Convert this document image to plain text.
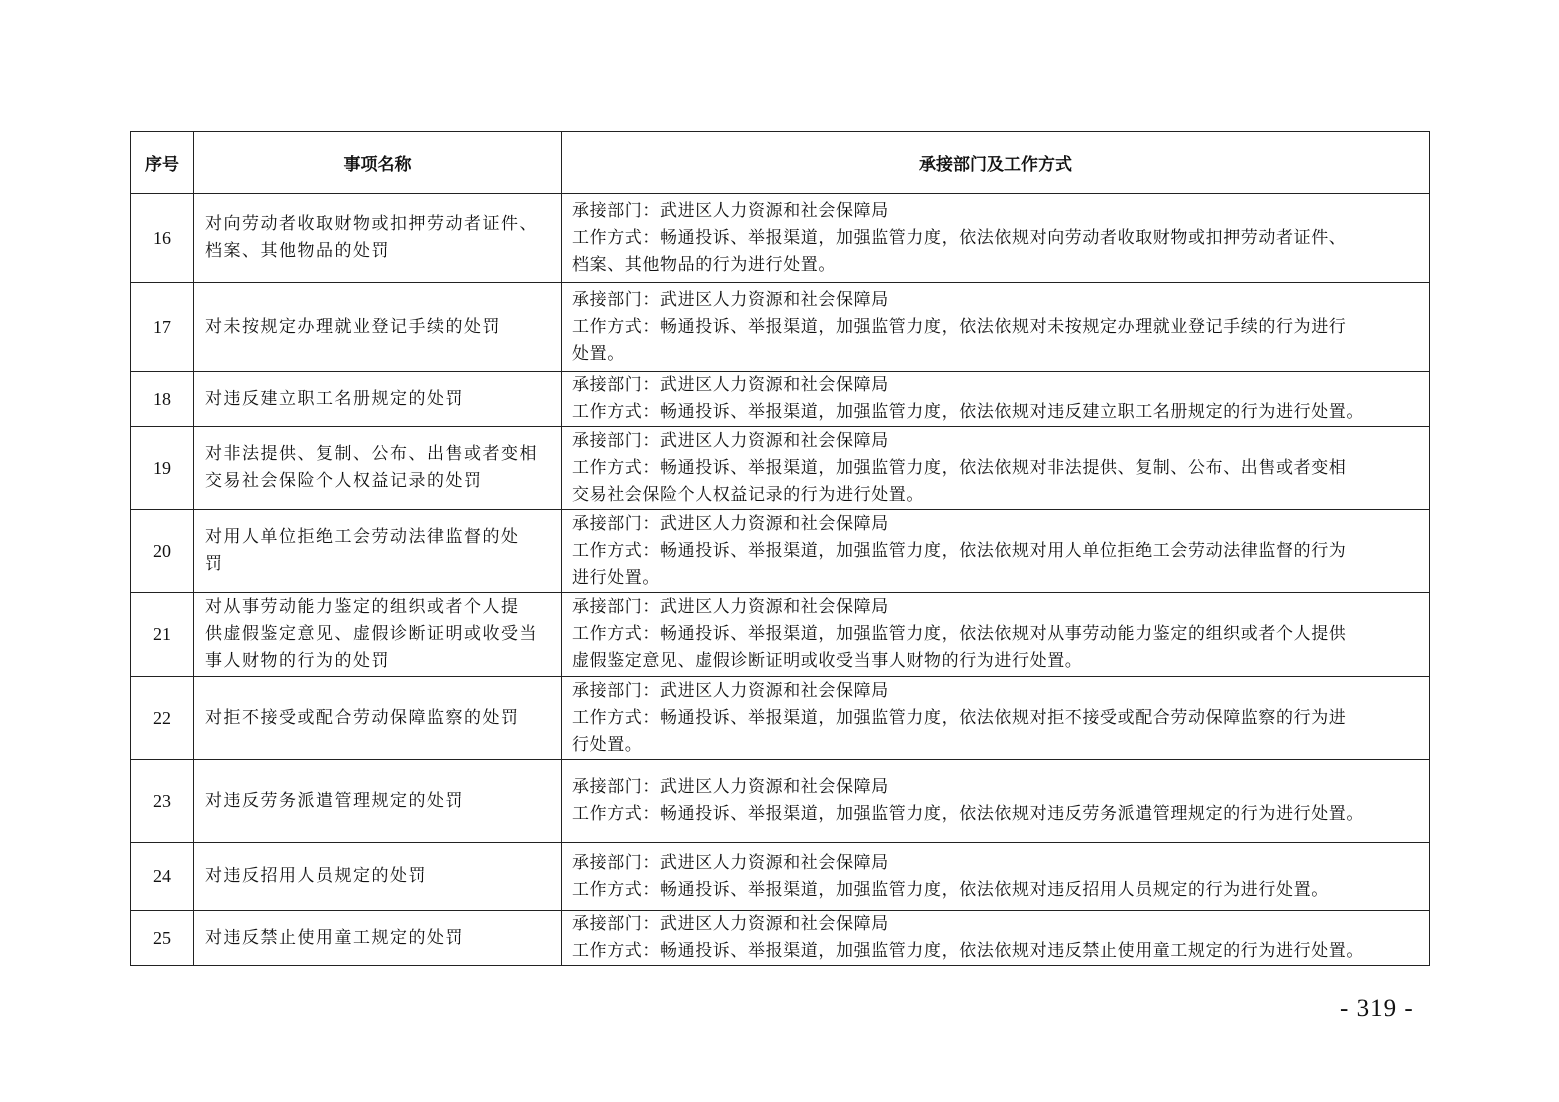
序号	事项名称	承接部门及工作方式
16	对向劳动者收取财物或扣押劳动者证件、
档案、其他物品的处罚	承接部门：武进区人力资源和社会保障局
工作方式：畅通投诉、举报渠道，加强监管力度，依法依规对向劳动者收取财物或扣押劳动者证件、
档案、其他物品的行为进行处置。

17	对未按规定办理就业登记手续的处罚	承接部门：武进区人力资源和社会保障局
工作方式：畅通投诉、举报渠道，加强监管力度，依法依规对未按规定办理就业登记手续的行为进行
处置。

18	对违反建立职工名册规定的处罚	承接部门：武进区人力资源和社会保障局
工作方式：畅通投诉、举报渠道，加强监管力度，依法依规对违反建立职工名册规定的行为进行处置。

19	对非法提供、复制、公布、出售或者变相
交易社会保险个人权益记录的处罚	承接部门：武进区人力资源和社会保障局
工作方式：畅通投诉、举报渠道，加强监管力度，依法依规对非法提供、复制、公布、出售或者变相
交易社会保险个人权益记录的行为进行处置。

20	对用人单位拒绝工会劳动法律监督的处
罚	承接部门：武进区人力资源和社会保障局
工作方式：畅通投诉、举报渠道，加强监管力度，依法依规对用人单位拒绝工会劳动法律监督的行为
进行处置。

21	对从事劳动能力鉴定的组织或者个人提
供虚假鉴定意见、虚假诊断证明或收受当
事人财物的行为的处罚	承接部门：武进区人力资源和社会保障局
工作方式：畅通投诉、举报渠道，加强监管力度，依法依规对从事劳动能力鉴定的组织或者个人提供
虚假鉴定意见、虚假诊断证明或收受当事人财物的行为进行处置。

22	对拒不接受或配合劳动保障监察的处罚	承接部门：武进区人力资源和社会保障局
工作方式：畅通投诉、举报渠道，加强监管力度，依法依规对拒不接受或配合劳动保障监察的行为进
行处置。

23	对违反劳务派遣管理规定的处罚	承接部门：武进区人力资源和社会保障局
工作方式：畅通投诉、举报渠道，加强监管力度，依法依规对违反劳务派遣管理规定的行为进行处置。

24	对违反招用人员规定的处罚	承接部门：武进区人力资源和社会保障局
工作方式：畅通投诉、举报渠道，加强监管力度，依法依规对违反招用人员规定的行为进行处置。

25	对违反禁止使用童工规定的处罚	承接部门：武进区人力资源和社会保障局
工作方式：畅通投诉、举报渠道，加强监管力度，依法依规对违反禁止使用童工规定的行为进行处置。
- 319 -
